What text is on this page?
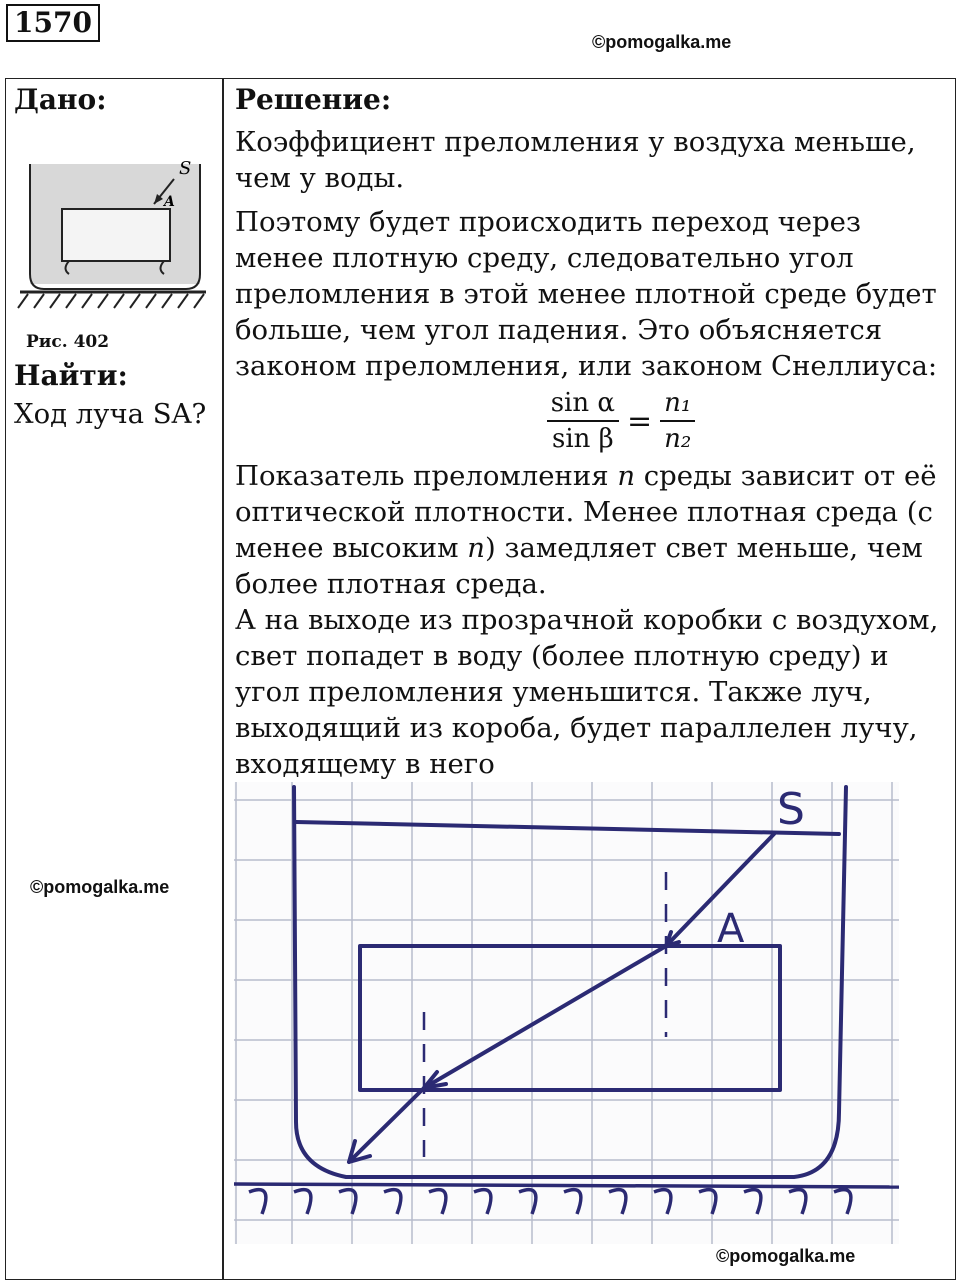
1570
©pomogalka.me
Дано:
S
A
Рис. 402
Найти:

Ход луча SA?

©pomogalka.me
Решение:

Коэффициент преломления у воздуха меньше, чем у воды.

Поэтому будет происходить переход через менее плотную среду, следовательно угол преломления в этой менее плотной среде будет больше, чем угол падения. Это объясняется законом преломления, или законом Снеллиуса:

$\frac{\text{sin α}}{\text{sin β}} = \frac{\text{n₁}}{\text{n₂}}$

Показатель преломления n среды зависит от её оптической плотности. Менее плотная среда (с менее высоким n) замедляет свет меньше, чем более плотная среда.

А на выходе из прозрачной коробки с воздухом, свет попадет в воду (более плотную среду) и угол преломления уменьшится. Также луч, выходящий из короба, будет параллелен лучу, входящему в него

S
A
©pomogalka.me
